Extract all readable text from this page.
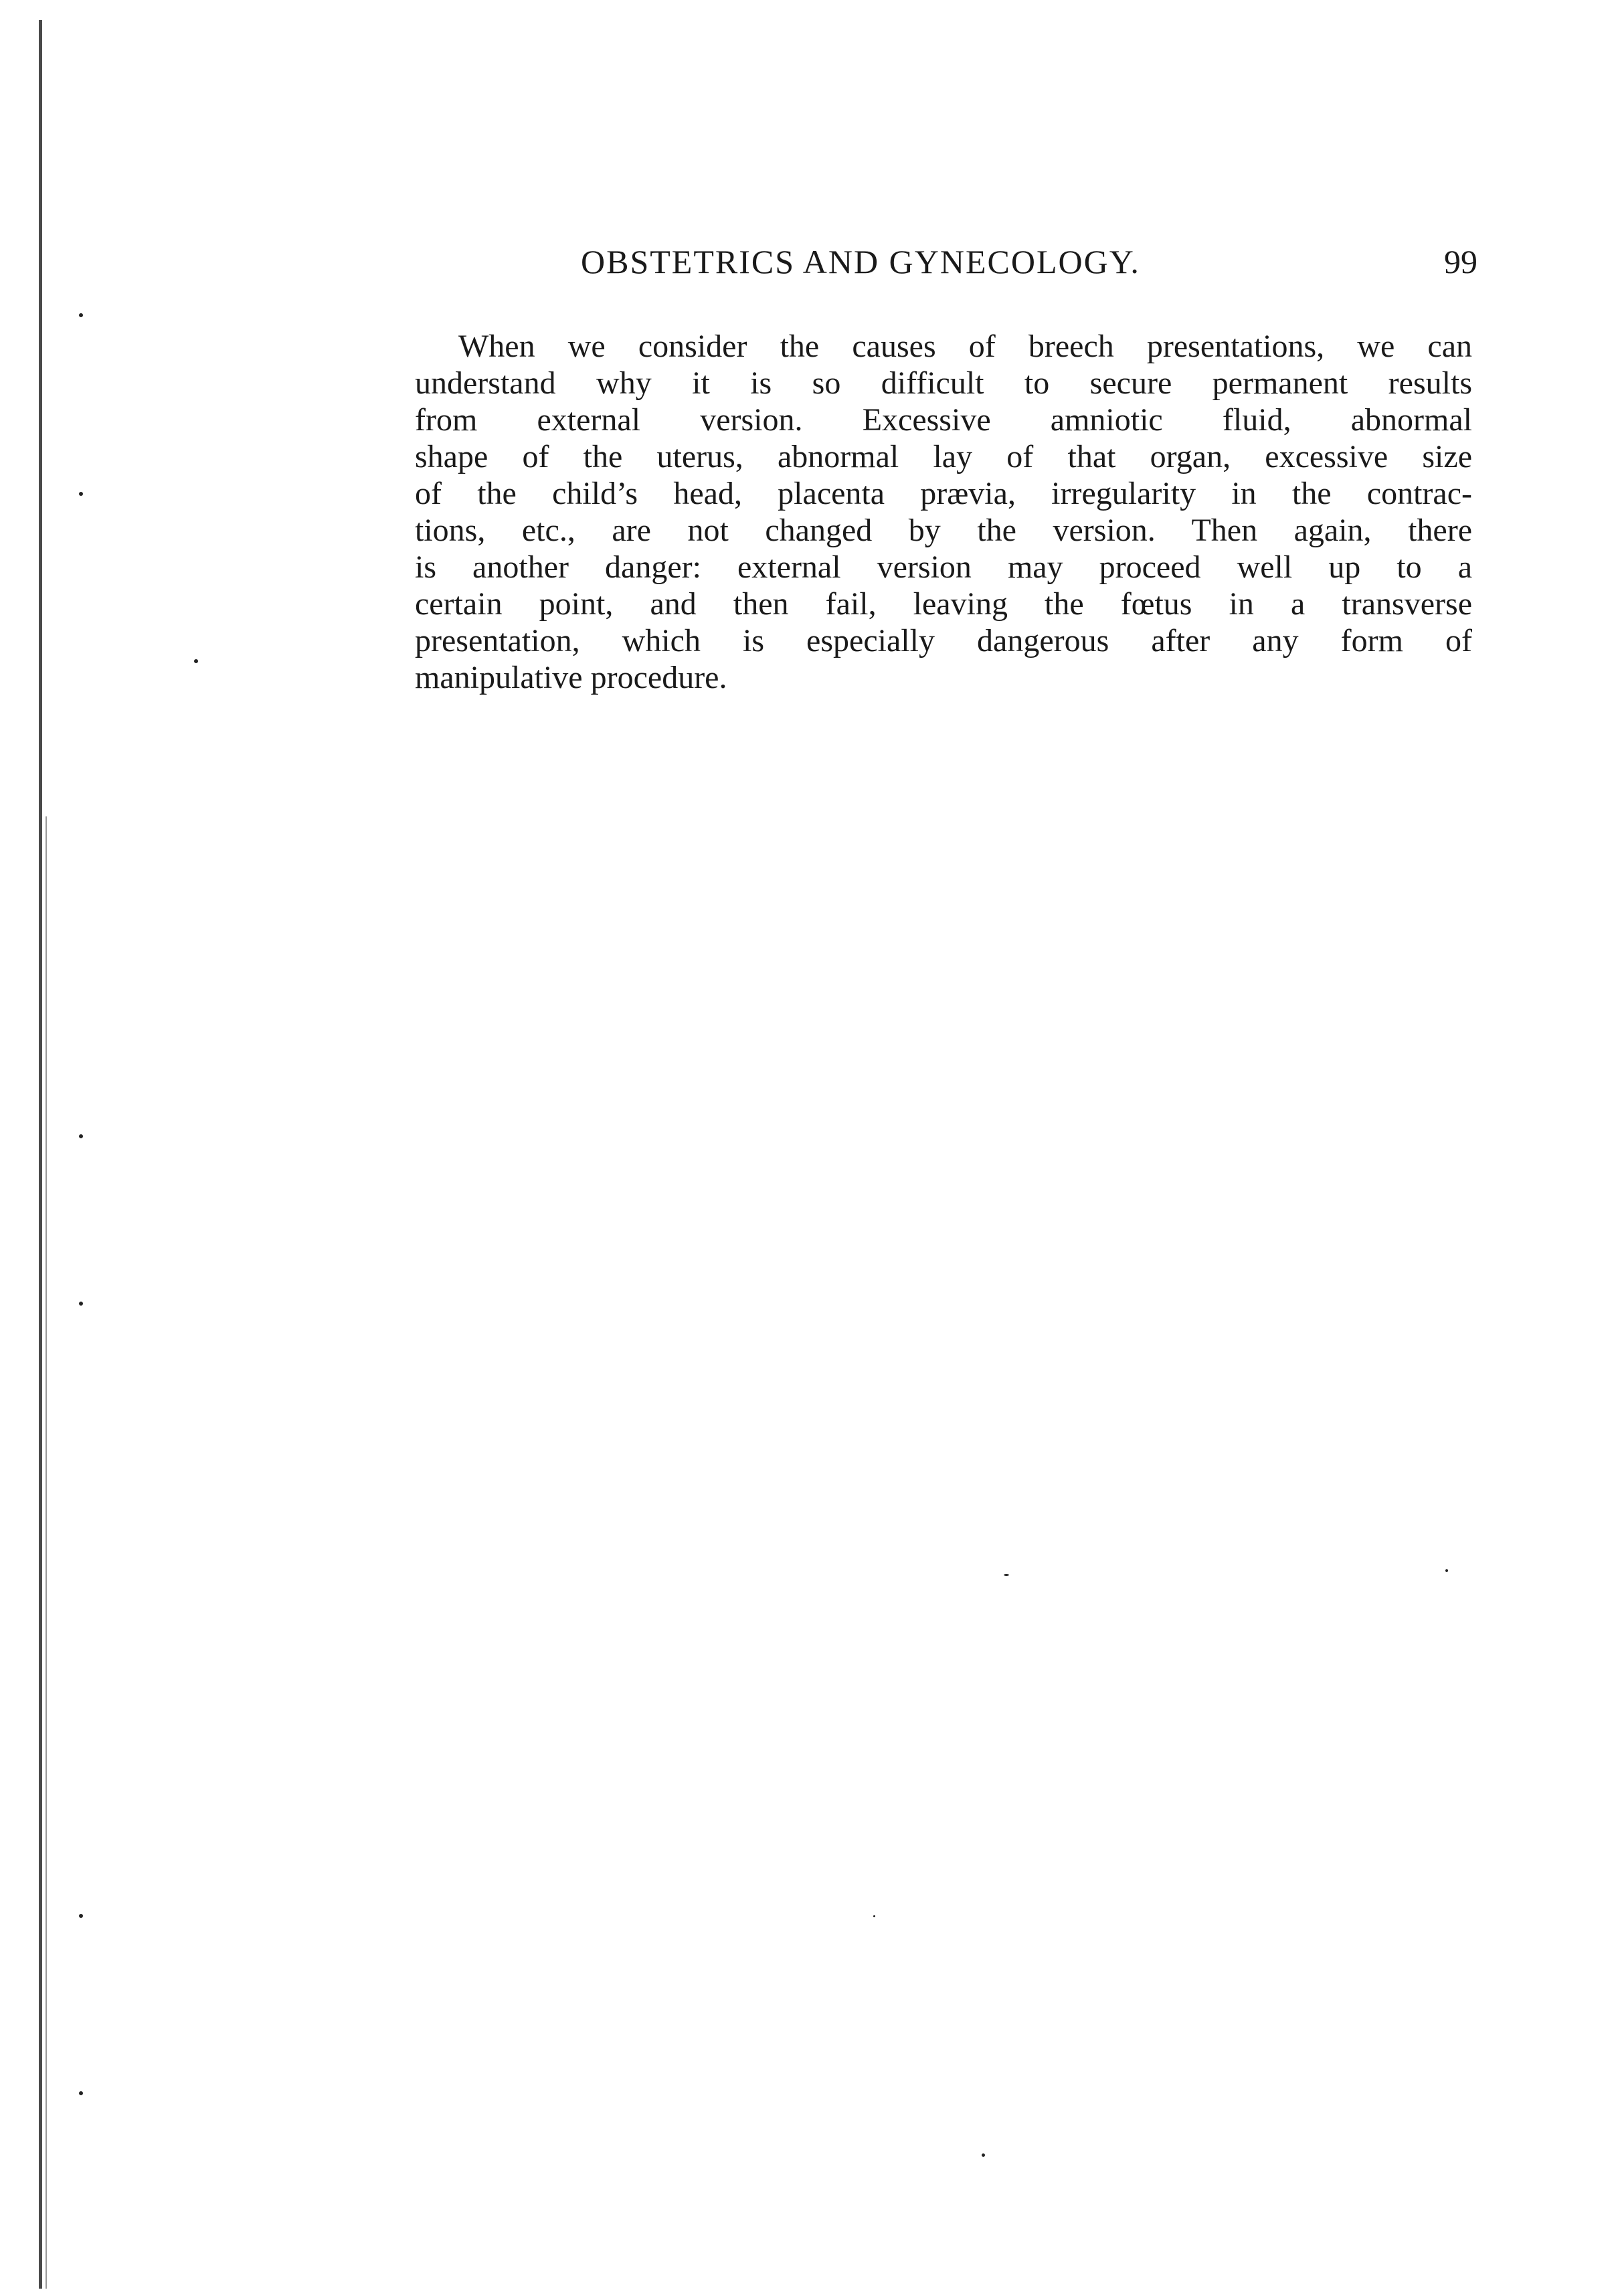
OBSTETRICS AND GYNECOLOGY.	99
When we consider the causes of breech presentations, we can
understand why it is so difficult to secure permanent results
from external version. Excessive amniotic fluid, abnormal
shape of the uterus, abnormal lay of that organ, excessive size
of the child’s head, placenta prævia, irregularity in the contrac-
tions, etc., are not changed by the version. Then again, there
is another danger: external version may proceed well up to a
certain point, and then fail, leaving the fœtus in a transverse
presentation, which is especially dangerous after any form of
manipulative procedure.
